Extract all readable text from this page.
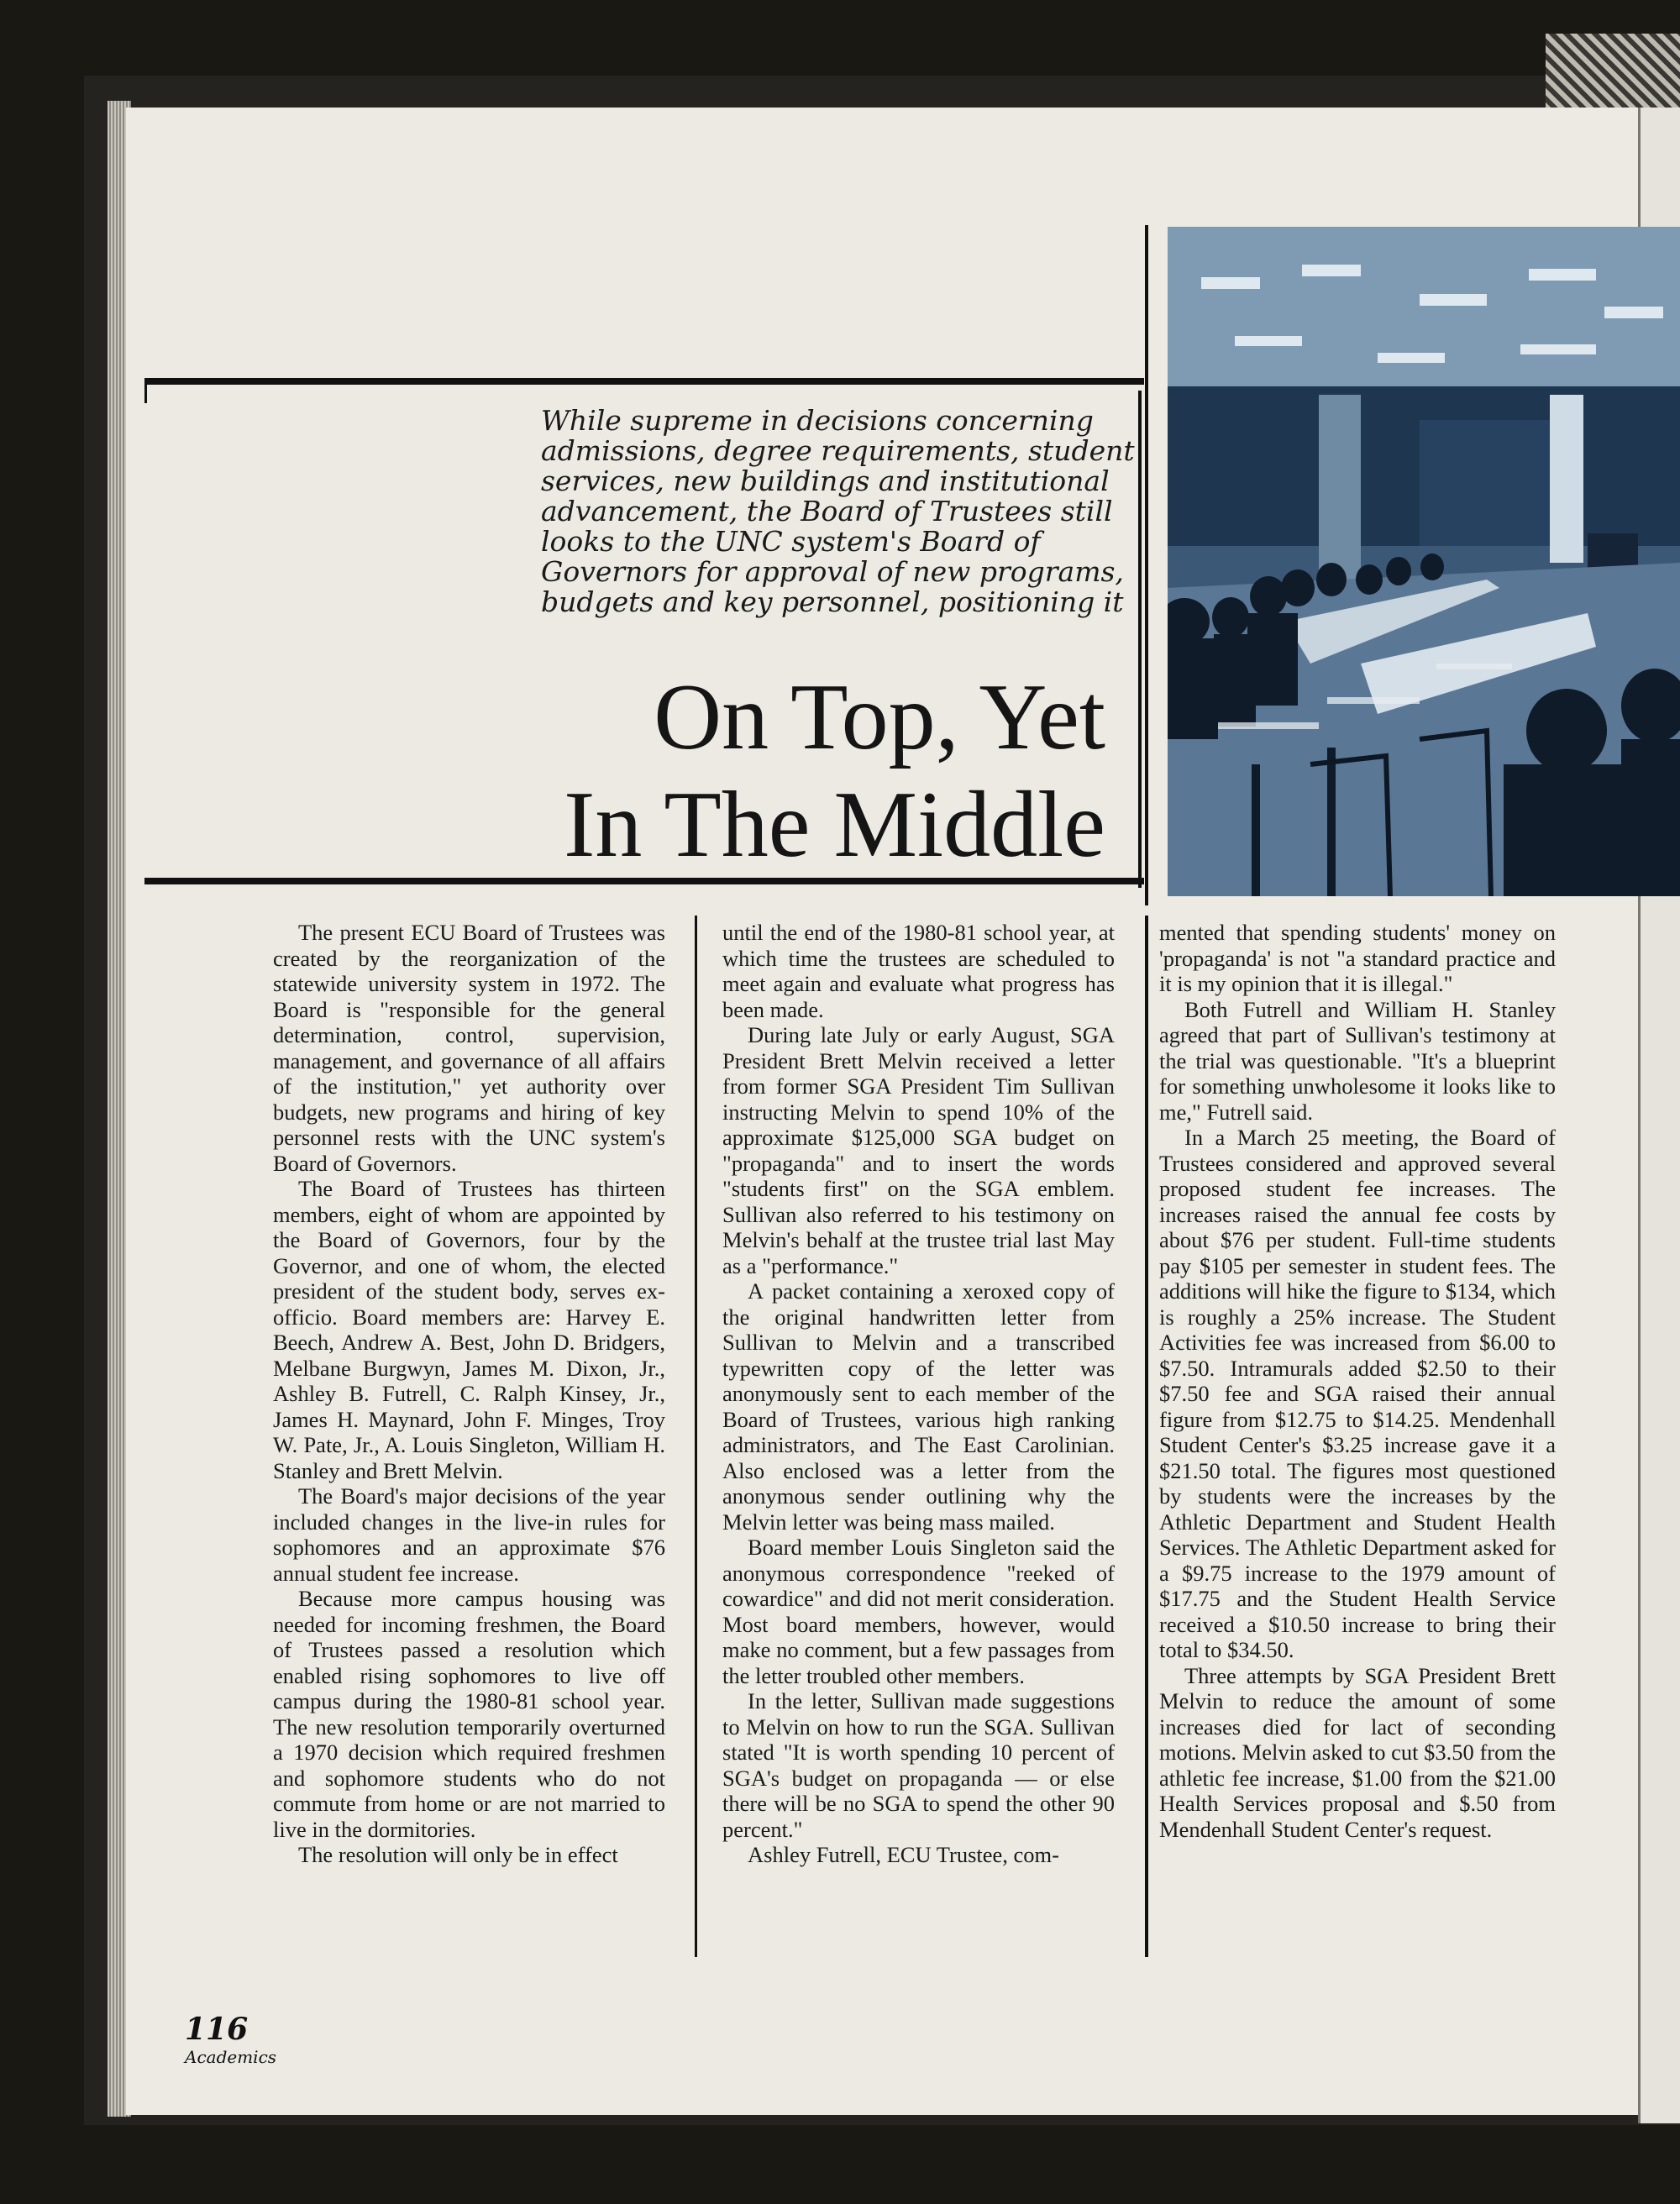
While supreme in decisions concerning admissions, degree requirements, student services, new buildings and institutional advancement, the Board of Trustees still looks to the UNC system's Board of Governors for approval of new programs, budgets and key personnel, positioning it
On Top, Yet
In The Middle

The present ECU Board of Trustees was created by the reorganization of the statewide university system in 1972. The Board is "responsible for the general determination, control, supervision, management, and governance of all affairs of the institution," yet authority over budgets, new programs and hiring of key personnel rests with the UNC system's Board of Governors.

The Board of Trustees has thirteen members, eight of whom are appointed by the Board of Governors, four by the Governor, and one of whom, the elected president of the student body, serves ex-officio. Board members are: Harvey E. Beech, Andrew A. Best, John D. Bridgers, Melbane Burgwyn, James M. Dixon, Jr., Ashley B. Futrell, C. Ralph Kinsey, Jr., James H. Maynard, John F. Minges, Troy W. Pate, Jr., A. Louis Singleton, William H. Stanley and Brett Melvin.

The Board's major decisions of the year included changes in the live-in rules for sophomores and an approximate $76 annual student fee increase.

Because more campus housing was needed for incoming freshmen, the Board of Trustees passed a resolution which enabled rising sophomores to live off campus during the 1980-81 school year. The new resolution temporarily overturned a 1970 decision which required freshmen and sophomore students who do not commute from home or are not married to live in the dormitories.

The resolution will only be in effect

until the end of the 1980-81 school year, at which time the trustees are scheduled to meet again and evaluate what progress has been made.

During late July or early August, SGA President Brett Melvin received a letter from former SGA President Tim Sullivan instructing Melvin to spend 10% of the approximate $125,000 SGA budget on "propaganda" and to insert the words "students first" on the SGA emblem. Sullivan also referred to his testimony on Melvin's behalf at the trustee trial last May as a "performance."

A packet containing a xeroxed copy of the original handwritten letter from Sullivan to Melvin and a transcribed typewritten copy of the letter was anonymously sent to each member of the Board of Trustees, various high ranking administrators, and The East Carolinian. Also enclosed was a letter from the anonymous sender outlining why the Melvin letter was being mass mailed.

Board member Louis Singleton said the anonymous correspondence "reeked of cowardice" and did not merit consideration. Most board members, however, would make no comment, but a few passages from the letter troubled other members.

In the letter, Sullivan made suggestions to Melvin on how to run the SGA. Sullivan stated "It is worth spending 10 percent of SGA's budget on propaganda — or else there will be no SGA to spend the other 90 percent."

Ashley Futrell, ECU Trustee, com-

mented that spending students' money on 'propaganda' is not "a standard practice and it is my opinion that it is illegal."

Both Futrell and William H. Stanley agreed that part of Sullivan's testimony at the trial was questionable. "It's a blueprint for something unwholesome it looks like to me," Futrell said.

In a March 25 meeting, the Board of Trustees considered and approved several proposed student fee increases. The increases raised the annual fee costs by about $76 per student. Full-time students pay $105 per semester in student fees. The additions will hike the figure to $134, which is roughly a 25% increase. The Student Activities fee was increased from $6.00 to $7.50. Intramurals added $2.50 to their $7.50 fee and SGA raised their annual figure from $12.75 to $14.25. Mendenhall Student Center's $3.25 increase gave it a $21.50 total. The figures most questioned by students were the increases by the Athletic Department and Student Health Services. The Athletic Department asked for a $9.75 increase to the 1979 amount of $17.75 and the Student Health Service received a $10.50 increase to bring their total to $34.50.

Three attempts by SGA President Brett Melvin to reduce the amount of some increases died for lact of seconding motions. Melvin asked to cut $3.50 from the athletic fee increase, $1.00 from the $21.00 Health Services proposal and $.50 from Mendenhall Student Center's request.

116
Academics
